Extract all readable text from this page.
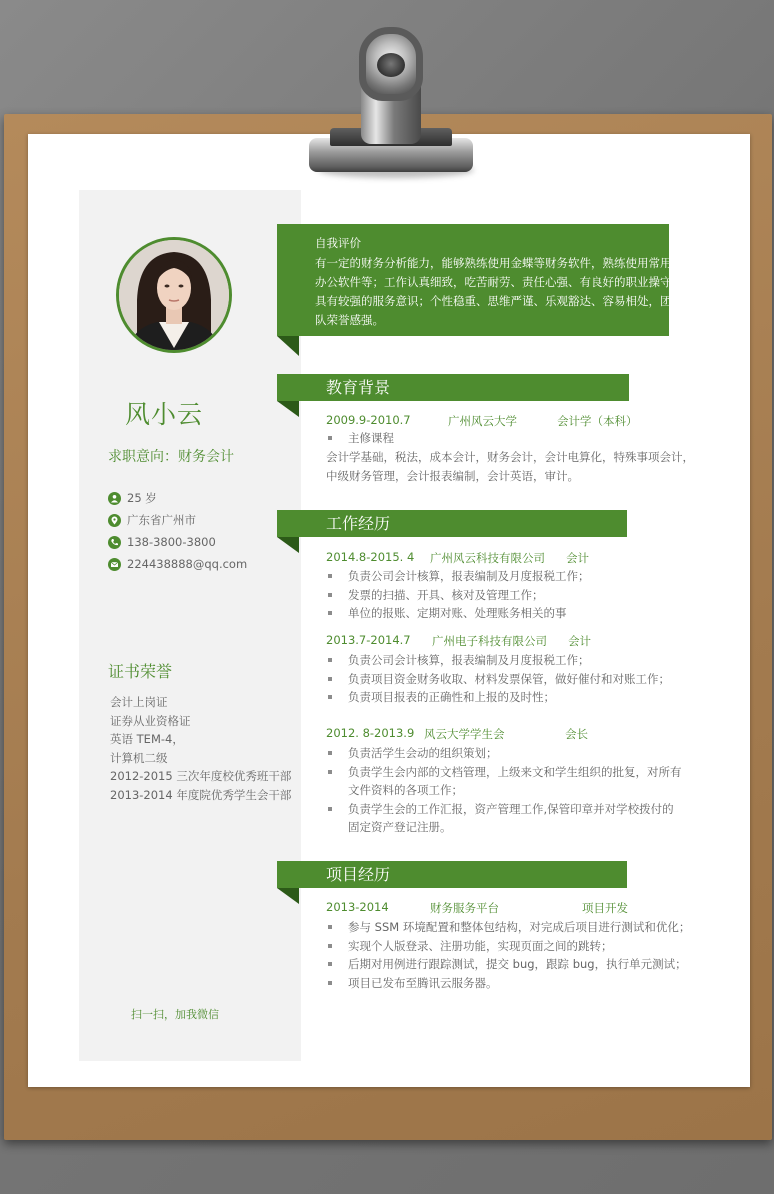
风小云
求职意向：财务会计
25 岁
广东省广州市
138-3800-3800
224438888@qq.com
证书荣誉
会计上岗证
证券从业资格证
英语 TEM-4，
计算机二级
2012-2015 三次年度校优秀班干部
2013-2014 年度院优秀学生会干部
扫一扫，加我微信
自我评价
有一定的财务分析能力，能够熟练使用金蝶等财务软件，熟练使用常用
办公软件等；工作认真细致，吃苦耐劳、责任心强、有良好的职业操守，
具有较强的服务意识；个性稳重、思维严谨、乐观豁达、容易相处，团
队荣誉感强。
教育背景
2009.9-2010.7	广州风云大学	会计学（本科）
主修课程
会计学基础，税法，成本会计，财务会计，会计电算化，特殊事项会计，
中级财务管理，会计报表编制，会计英语，审计。
工作经历
2014.8-2015. 4 广州风云科技有限公司 会计
负责公司会计核算，报表编制及月度报税工作；
发票的扫描、开具、核对及管理工作；
单位的报账、定期对账、处理账务相关的事
2013.7-2014.7 广州电子科技有限公司 会计
负责公司会计核算，报表编制及月度报税工作；
负责项目资金财务收取、材料发票保管，做好催付和对账工作；
负责项目报表的正确性和上报的及时性；
2012. 8-2013.9 风云大学学生会	会长
负责活学生会动的组织策划；
负责学生会内部的文档管理，上级来文和学生组织的批复，对所有
文件资料的各项工作；
负责学生会的工作汇报，资产管理工作,保管印章并对学校拨付的
固定资产登记注册。
项目经历
2013-2014	财务服务平台	项目开发
参与 SSM 环境配置和整体包结构，对完成后项目进行测试和优化；
实现个人版登录、注册功能，实现页面之间的跳转；
后期对用例进行跟踪测试，提交 bug，跟踪 bug，执行单元测试；
项目已发布至腾讯云服务器。
